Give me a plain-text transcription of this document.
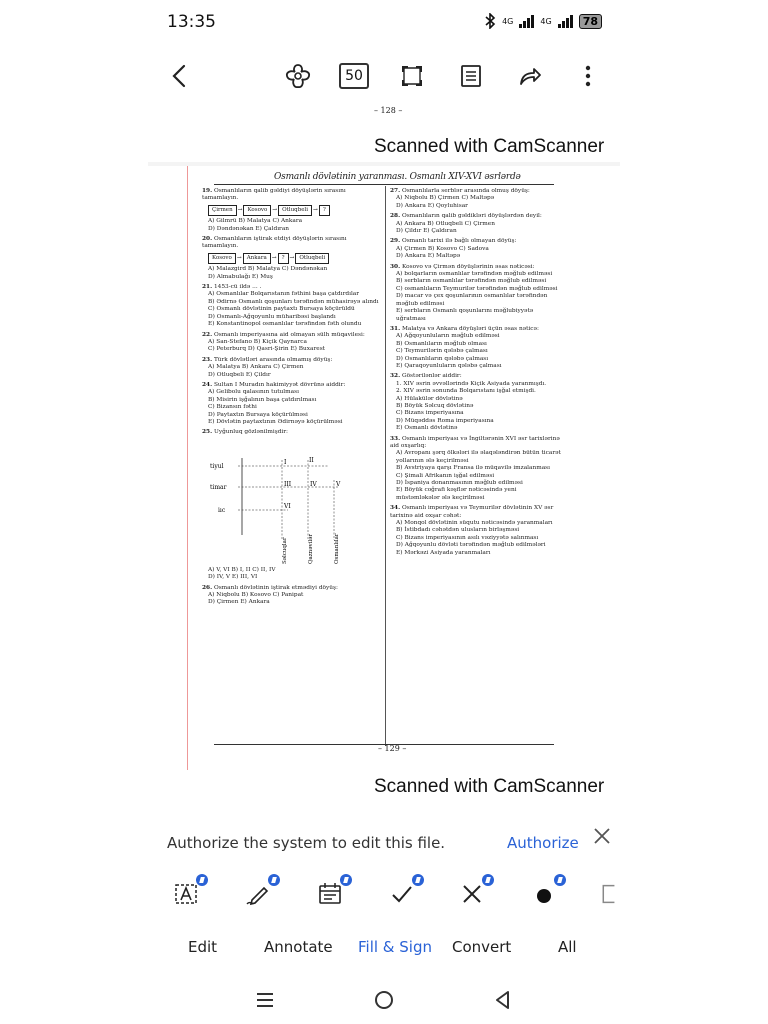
13:35	4G	4G	78
50
– 128 –
Scanned with CamScanner
Osmanlı dövlətinin yaranması. Osmanlı XIV-XVI əsrlərdə
19. Osmanlıların qalib gəldiyi döyüşlərin sırasını tamamlayın.
Çirmen → Kosovo → Otluqbeli → ?
A) Gilmrü B) Malatya C) Ankara
D) Dəndənəkan E) Çaldıran
20. Osmanlıların iştirak etdiyi döyüşlərin sırasını tamamlayın.
Kosovo → Ankara → ? → Otluqbeli
A) Malazgird B) Malatya C) Dəndənəkan
D) Almabulağı E) Muş
21. 1453-cü ildə ... .
A) Osmanlılar Bolqarıstanın fəthini başa çatdırdılar
B) Ədirnə Osmanlı qoşunları tərəfindən mühasirəyə alındı
C) Osmanlı dövlətinin paytaxtı Bursaya köçürüldü
D) Osmanlı-Ağqoyunlu müharibəsi başlandı
E) Konstantinopol osmanlılar tərəfindən fəth olundu
22. Osmanlı imperiyasına aid olmayan sülh müqavilesi:
A) San-Stefano B) Kiçik Qaynarca
C) Peterburq D) Qasri-Şirin E) Buxarest
23. Türk dövlətləri arasında olmamış döyüş:
A) Malatya B) Ankara C) Çirmen
D) Otluqbeli E) Çildır
24. Sultan I Muradın hakimiyyət dövrünə aiddir:
A) Gelibolu qalasının tutulması
B) Misirin işğalının başa çatdırılması
C) Bizansın fəthi
D) Paytaxtın Bursaya köçürülməsi
E) Dövlətin paytaxtının Ədirnəyə köçürülməsi
25. Uyğunluq gözlənilmişdir:
tiyul
timar
iıc
I	II
III	IV	V
VI
Səlcuqlar	Qaznəvilər	Osmanlılar
A) V, VI B) I, II C) II, IV
D) IV, V E) III, VI
26. Osmanlı dövlətinin iştirak etmədiyi döyüş:
A) Niqbolu B) Kosovo C) Panipat
D) Çirmen E) Ankara
27. Osmanlılarla serblər arasında olmuş döyüş:
A) Niqbolu B) Çirmen C) Maltəpə
D) Ankara E) Qoyluhisar
28. Osmanlıların qalib gəldikləri döyüşlərdən deyil:
A) Ankara B) Otluqbeli C) Çirmen
D) Çildır E) Çaldıran
29. Osmanlı tarixi ilə bağlı olmayan döyüş:
A) Çirmen B) Kosovo C) Sadova
D) Ankara E) Maltəpə
30. Kosovo və Çirmən döyüşlərinin əsas nəticəsi:
A) bolqarların osmanlılar tərəfindən məğlub edilməsi
B) serbların osmanlılar tərəfindən məğlub edilməsi
C) osmanlıların Teymurilər tərəfindən məğlub edilməsi
D) macar və çex qoşunlarının osmanlılar tərəfindən məğlub edilməsi
E) serbların Osmanlı qoşunlarını məğlubiyyətə uğratması
31. Malatya və Ankara döyüşləri üçün əsas nəticə:
A) Ağqoyunluların məğlub edilməsi
B) Osmanlıların məğlub olması
C) Teymurilərin qələbə çalması
D) Osmanlıların qələbə çalması
E) Qaraqoyunluların qələbə çalması
32. Göstərilənlər aiddir:
1. XIV əsrin əvvəllərində Kiçik Asiyada yaranmışdı.
2. XIV əsrin sonunda Bolqarıstanı işğal etmişdi.
A) Hülakülər dövlətinə
B) Böyük Səlcuq dövlətinə
C) Bizans imperiyasına
D) Müqəddəs Roma imperiyasına
E) Osmanlı dövlətinə
33. Osmanlı imperiyası və İngiltərənin XVI əsr tarixlərinə aid oxşarlıq:
A) Avropanı şərq ölkələri ilə əlaqələndirən bütün ticarət yollarının ələ keçirilməsi
B) Avstriyaya qarşı Fransa ilə müqavilə imzalanması
C) Şimali Afrikanın işğal edilməsi
D) İspaniya donanmasının məğlub edilməsi
E) Böyük coğrafi kəşflər nəticəsində yeni müstəmləkələr ələ keçirilməsi
34. Osmanlı imperiyası və Teymurilər dövlətinin XV əsr tarixinə aid oxşar cəhət:
A) Monqol dövlətinin süqutu nəticəsində yaranmaları
B) İstibdadı cəhətdən ulusların birləşməsi
C) Bizans imperiyasının asılı vəziyyətə salınması
D) Ağqoyunlu dövləti tərəfindən məğlub edilmələri
E) Mərkəzi Asiyada yaranmaları
– 129 –
Scanned with CamScanner
Authorize the system to edit this file.	Authorize
Edit	Annotate Fill & Sign Convert	All
